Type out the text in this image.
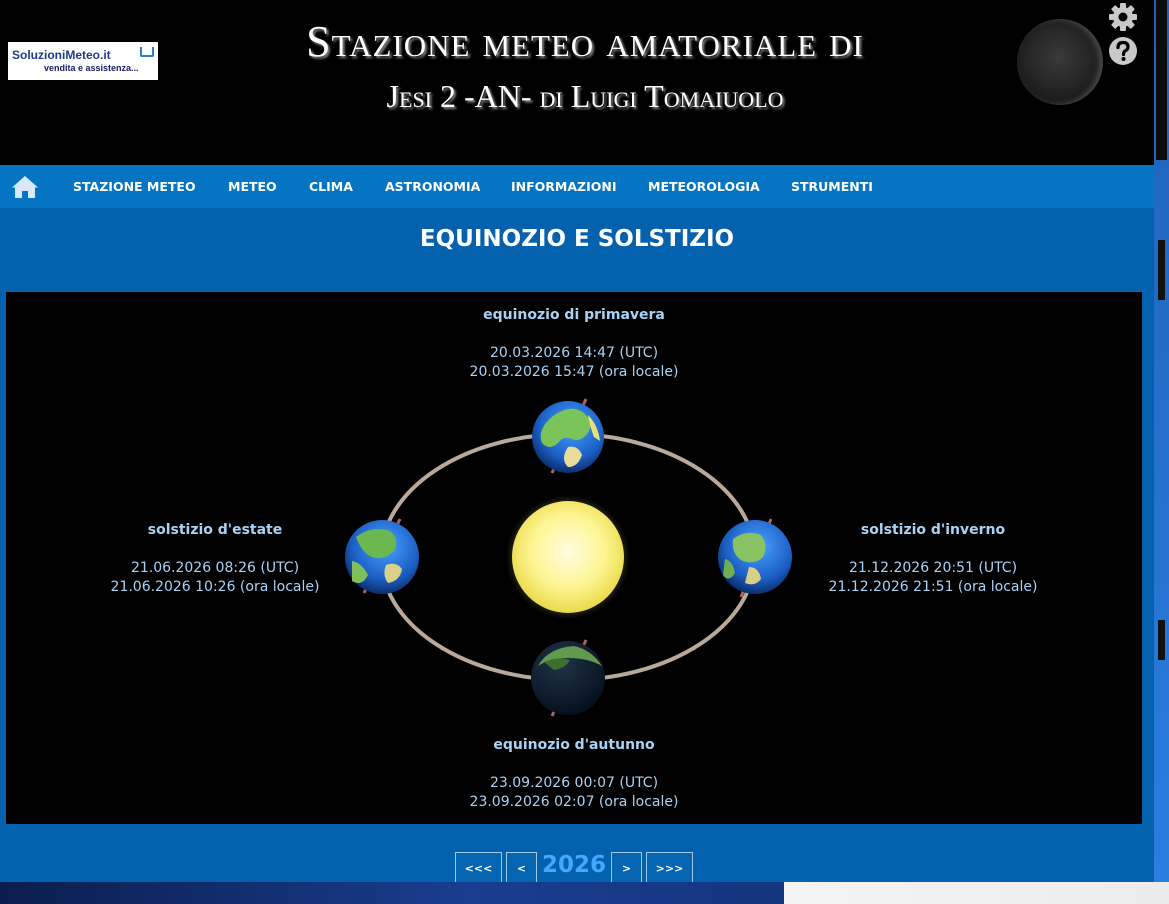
SoluzioniMeteo.it
vendita e assistenza...
Stazione meteo amatoriale di
Jesi 2 -AN- di Luigi Tomaiuolo
STAZIONE METEO	METEO	CLIMA	ASTRONOMIA INFORMAZIONI	METEOROLOGIA	STRUMENTI
EQUINOZIO E SOLSTIZIO
equinozio di primavera
20.03.2026 14:47 (UTC)
20.03.2026 15:47 (ora locale)
solstizio d'estate
21.06.2026 08:26 (UTC)
21.06.2026 10:26 (ora locale)
solstizio d'inverno
21.12.2026 20:51 (UTC)
21.12.2026 21:51 (ora locale)
equinozio d'autunno
23.09.2026 00:07 (UTC)
23.09.2026 02:07 (ora locale)
<<<	< 2026	>	>>>
